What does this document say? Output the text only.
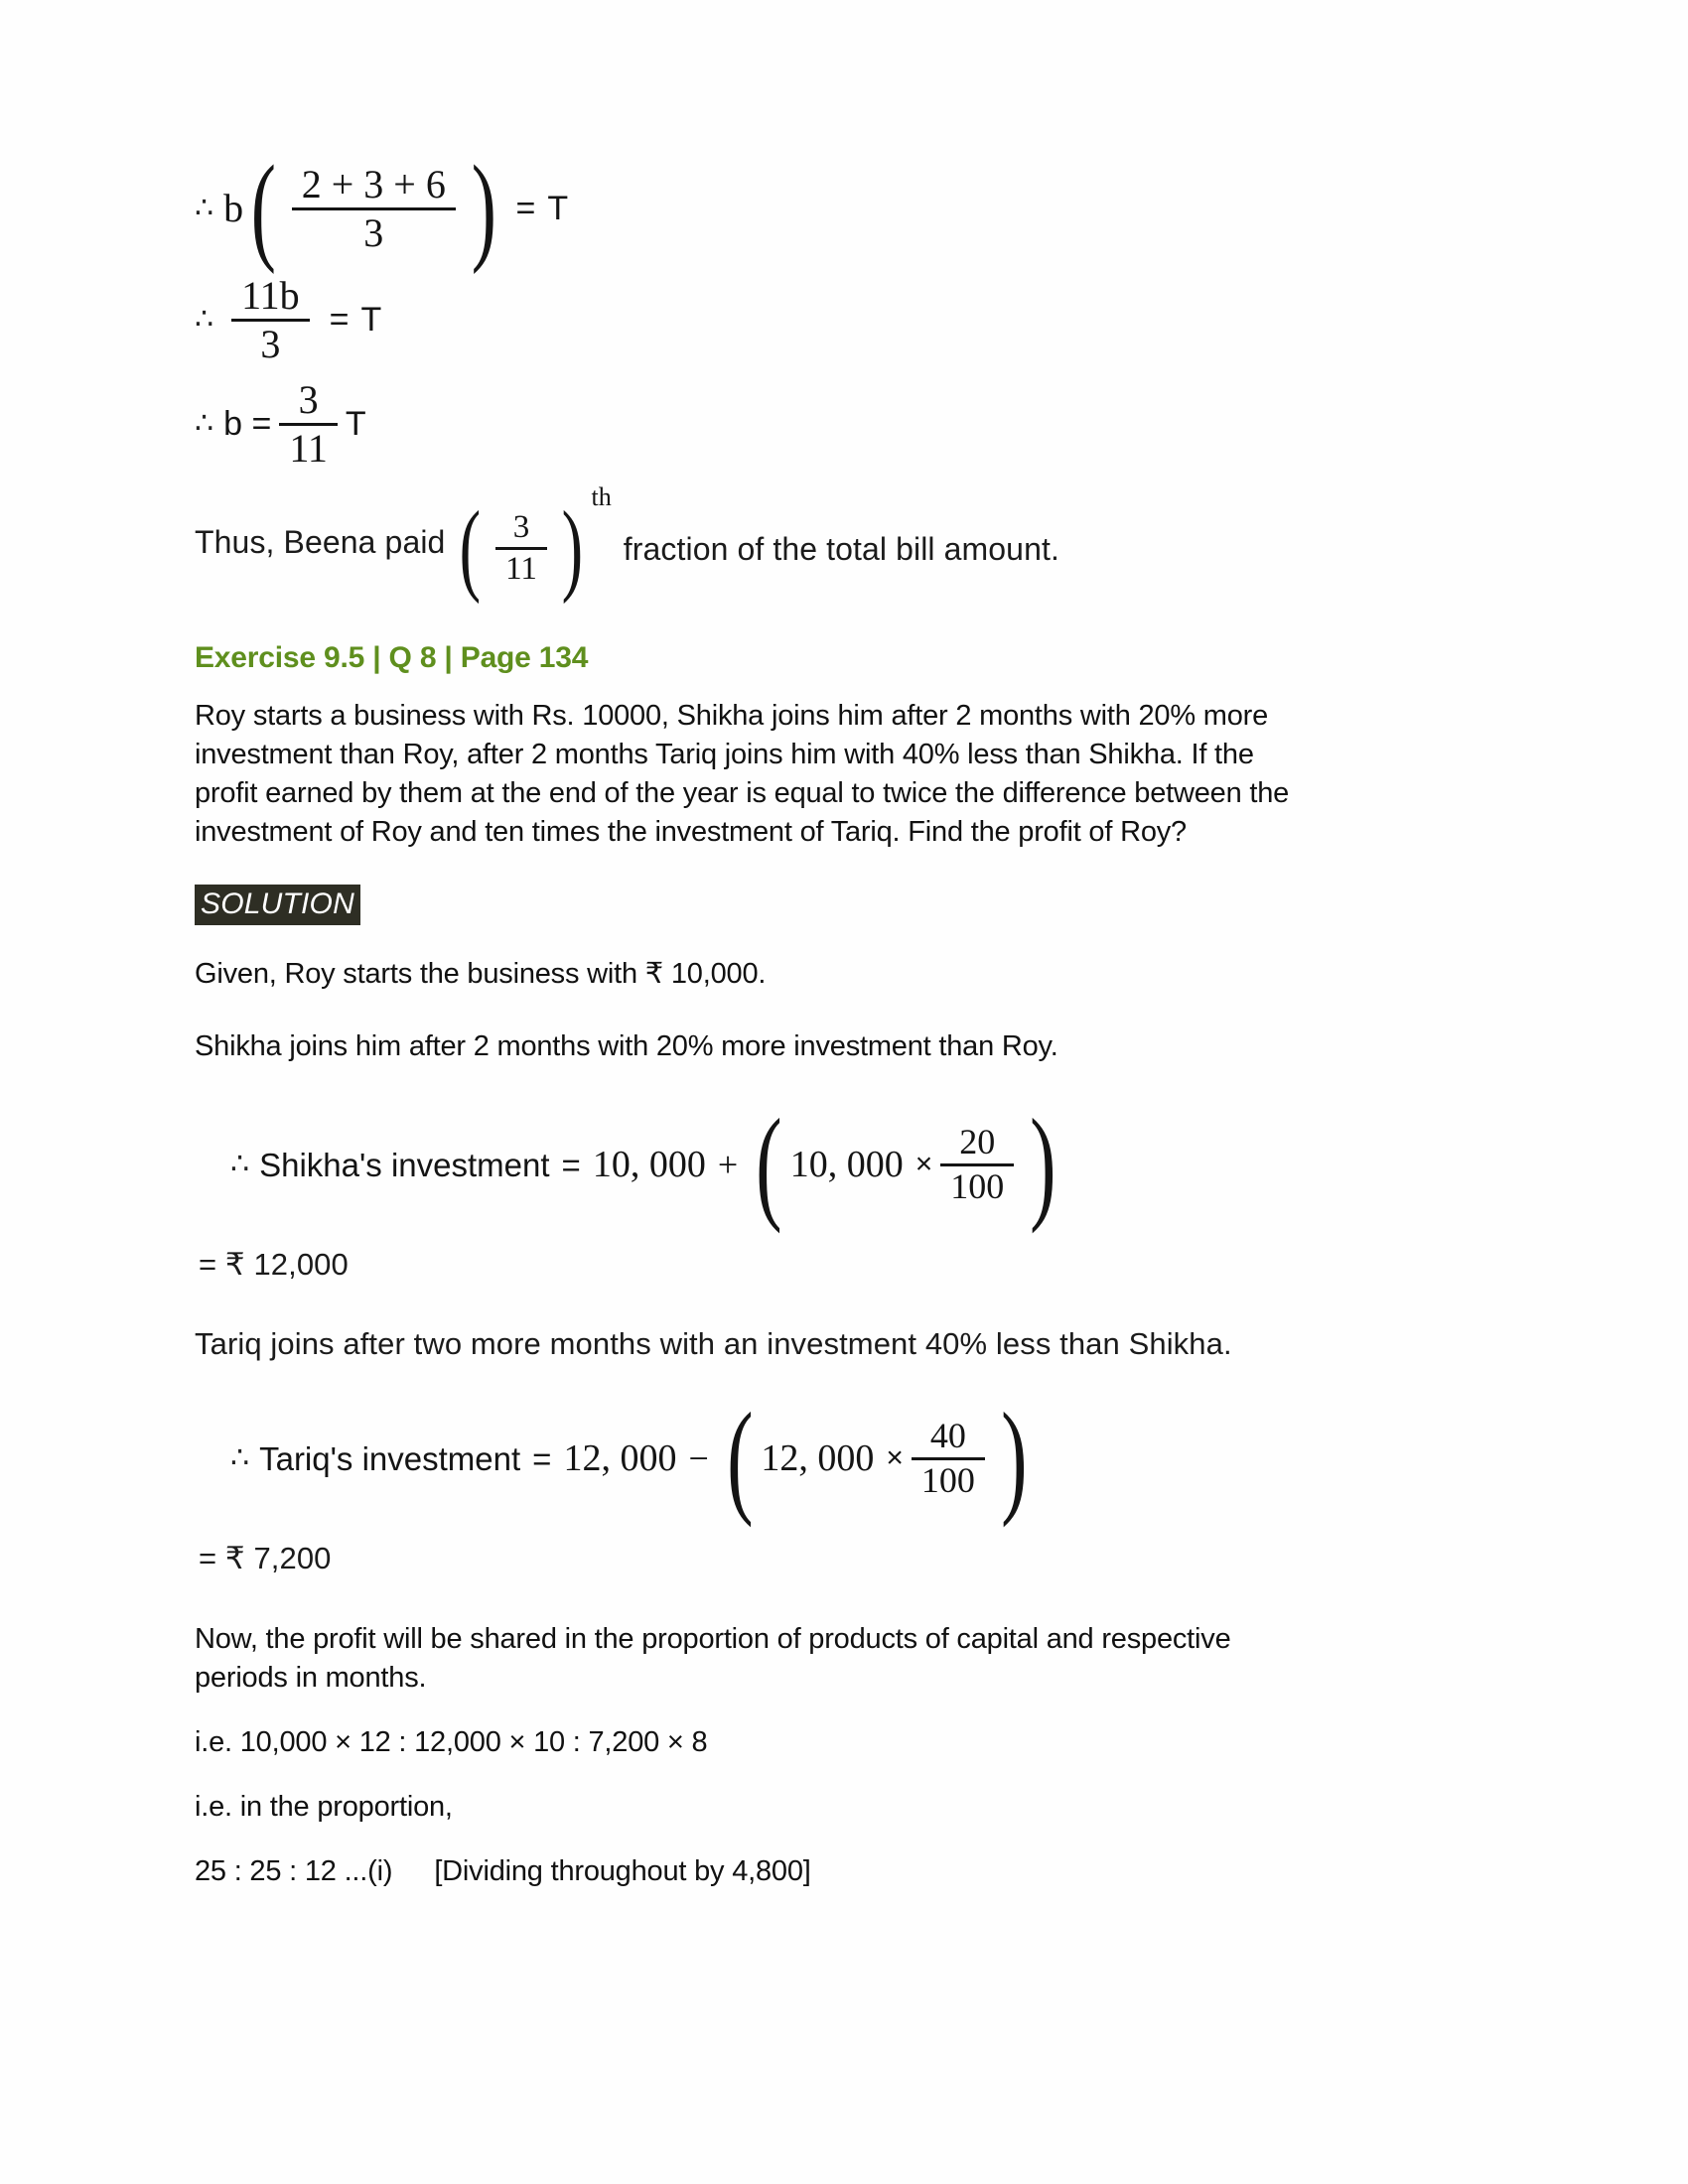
∴ b ( $\frac{2 + 3 + 6}{3}$ ) = T
∴ $\frac{11b}{3} = T$
∴ $b = \frac{3}{11}$ T
Thus, Beena paid ( $\frac{3}{11}$ ) th
fraction of the total bill amount.
Exercise 9.5 | Q 8 | Page 134
Roy starts a business with Rs. 10000, Shikha joins him after 2 months with 20% more
investment than Roy, after 2 months Tariq joins him with 40% less than Shikha. If the
profit earned by them at the end of the year is equal to twice the difference between the
investment of Roy and ten times the investment of Tariq. Find the profit of Roy?
SOLUTION
Given, Roy starts the business with ₹ 10,000.
Shikha joins him after 2 months with 20% more investment than Roy.
∴ Shikha's investment = 10, 000 + ( 10, $000 \times \frac{20}{100}$ )
= ₹ 12,000
Tariq joins after two more months with an investment 40% less than Shikha.
∴ Tariq's investment = 12, 000 − ( 12, $000 \times \frac{40}{100}$ )
= ₹ 7,200
Now, the profit will be shared in the proportion of products of capital and respective
periods in months.
i.e. 10,000 × 12 : 12,000 × 10 : 7,200 × 8
i.e. in the proportion,
25 : 25 : 12 ...(i) [Dividing throughout by 4,800]
